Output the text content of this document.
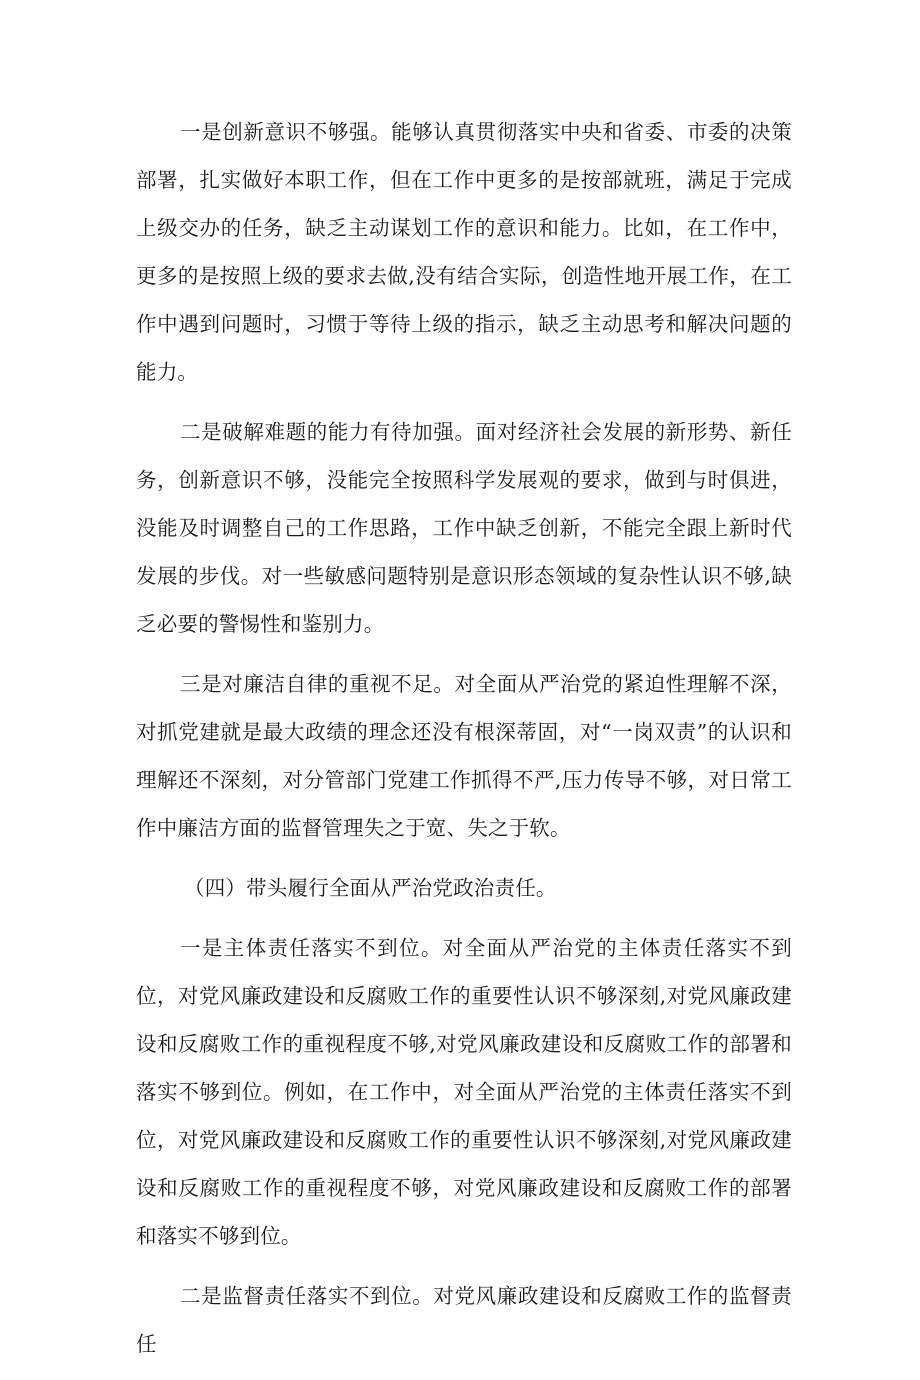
一是创新意识不够强。能够认真贯彻落实中央和省委、市委的决策部署，扎实做好本职工作，但在工作中更多的是按部就班，满足于完成上级交办的任务，缺乏主动谋划工作的意识和能力。比如，在工作中，更多的是按照上级的要求去做,没有结合实际，创造性地开展工作，在工作中遇到问题时，习惯于等待上级的指示，缺乏主动思考和解决问题的能力。

二是破解难题的能力有待加强。面对经济社会发展的新形势、新任务，创新意识不够，没能完全按照科学发展观的要求，做到与时俱进，没能及时调整自己的工作思路，工作中缺乏创新，不能完全跟上新时代发展的步伐。对一些敏感问题特别是意识形态领域的复杂性认识不够,缺乏必要的警惕性和鉴别力。

三是对廉洁自律的重视不足。对全面从严治党的紧迫性理解不深，对抓党建就是最大政绩的理念还没有根深蒂固，对“一岗双责”的认识和理解还不深刻，对分管部门党建工作抓得不严,压力传导不够，对日常工作中廉洁方面的监督管理失之于宽、失之于软。

（四）带头履行全面从严治党政治责任。

一是主体责任落实不到位。对全面从严治党的主体责任落实不到位，对党风廉政建设和反腐败工作的重要性认识不够深刻,对党风廉政建设和反腐败工作的重视程度不够,对党风廉政建设和反腐败工作的部署和落实不够到位。例如，在工作中，对全面从严治党的主体责任落实不到位，对党风廉政建设和反腐败工作的重要性认识不够深刻,对党风廉政建设和反腐败工作的重视程度不够，对党风廉政建设和反腐败工作的部署和落实不够到位。

二是监督责任落实不到位。对党风廉政建设和反腐败工作的监督责任
